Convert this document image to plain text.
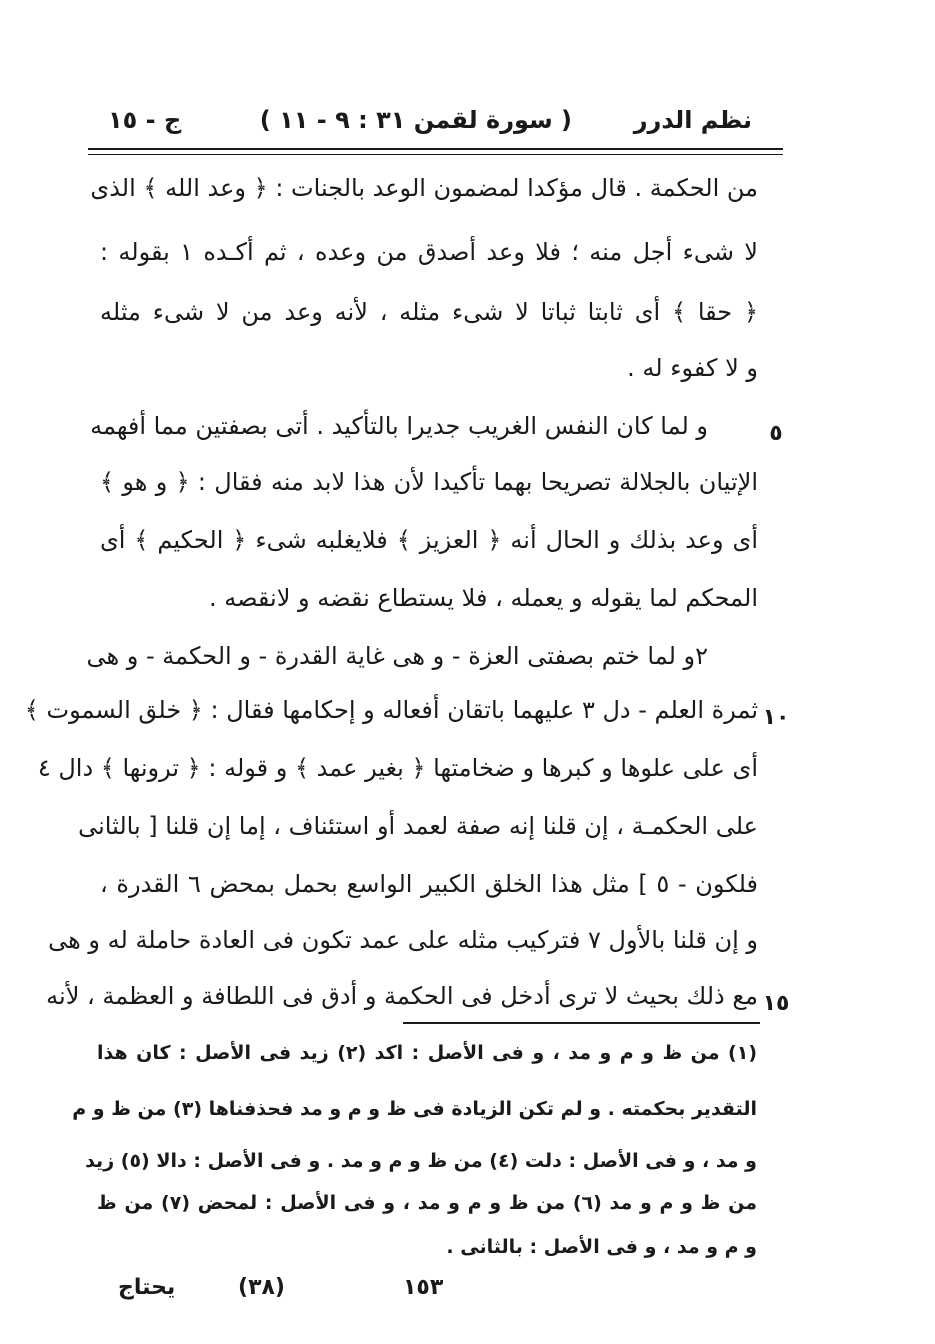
نظم الدرر
( سورة لقمن ٣١ : ٩ - ١١ )
ج - ١٥
من الحكمة . قال مؤكدا لمضمون الوعد بالجنات : ﴿ وعد الله ﴾ الذى
لا شىء أجل منه ؛ فلا وعد أصدق من وعده ، ثم أكـده ١ بقوله :
﴿ حقا ﴾ أى ثابتا ثباتا لا شىء مثله ، لأنه وعد من لا شىء مثله
و لا كفوء له .
و لما كان النفس الغريب جديرا بالتأكيد . أتى بصفتين مما أفهمه
الإتيان بالجلالة تصريحا بهما تأكيدا لأن هذا لابد منه فقال : ﴿ و هو ﴾
أى وعد بذلك و الحال أنه ﴿ العزيز ﴾ فلايغلبه شىء ﴿ الحكيم ﴾ أى
المحكم لما يقوله و يعمله ، فلا يستطاع نقضه و لانقصه .
٢و لما ختم بصفتى العزة - و هى غاية القدرة - و الحكمة - و هى
ثمرة العلم - دل ٣ عليهما باتقان أفعاله و إحكامها فقال : ﴿ خلق السموت ﴾
أى على علوها و كبرها و ضخامتها ﴿ بغير عمد ﴾ و قوله : ﴿ ترونها ﴾ دال ٤
على الحكمـة ، إن قلنا إنه صفة لعمد أو استئناف ، إما إن قلنا [ بالثانى
فلكون - ٥ ] مثل هذا الخلق الكبير الواسع بحمل بمحض ٦ القدرة ،
و إن قلنا بالأول ٧ فتركيب مثله على عمد تكون فى العادة حاملة له و هى
مع ذلك بحيث لا ترى أدخل فى الحكمة و أدق فى اللطافة و العظمة ، لأنه
٥
١٠
١٥
(١) من ظ و م و مد ، و فى الأصل : اكد (٢) زيد فى الأصل : كان هذا
التقدير بحكمته . و لم تكن الزيادة فى ظ و م و مد فحذفناها (٣) من ظ و م
و مد ، و فى الأصل : دلت (٤) من ظ و م و مد . و فى الأصل : دالا (٥) زيد
من ظ و م و مد (٦) من ظ و م و مد ، و فى الأصل : لمحض (٧) من ظ
و م و مد ، و فى الأصل : بالثانى .
يحتاج	(٣٨)	١٥٣
